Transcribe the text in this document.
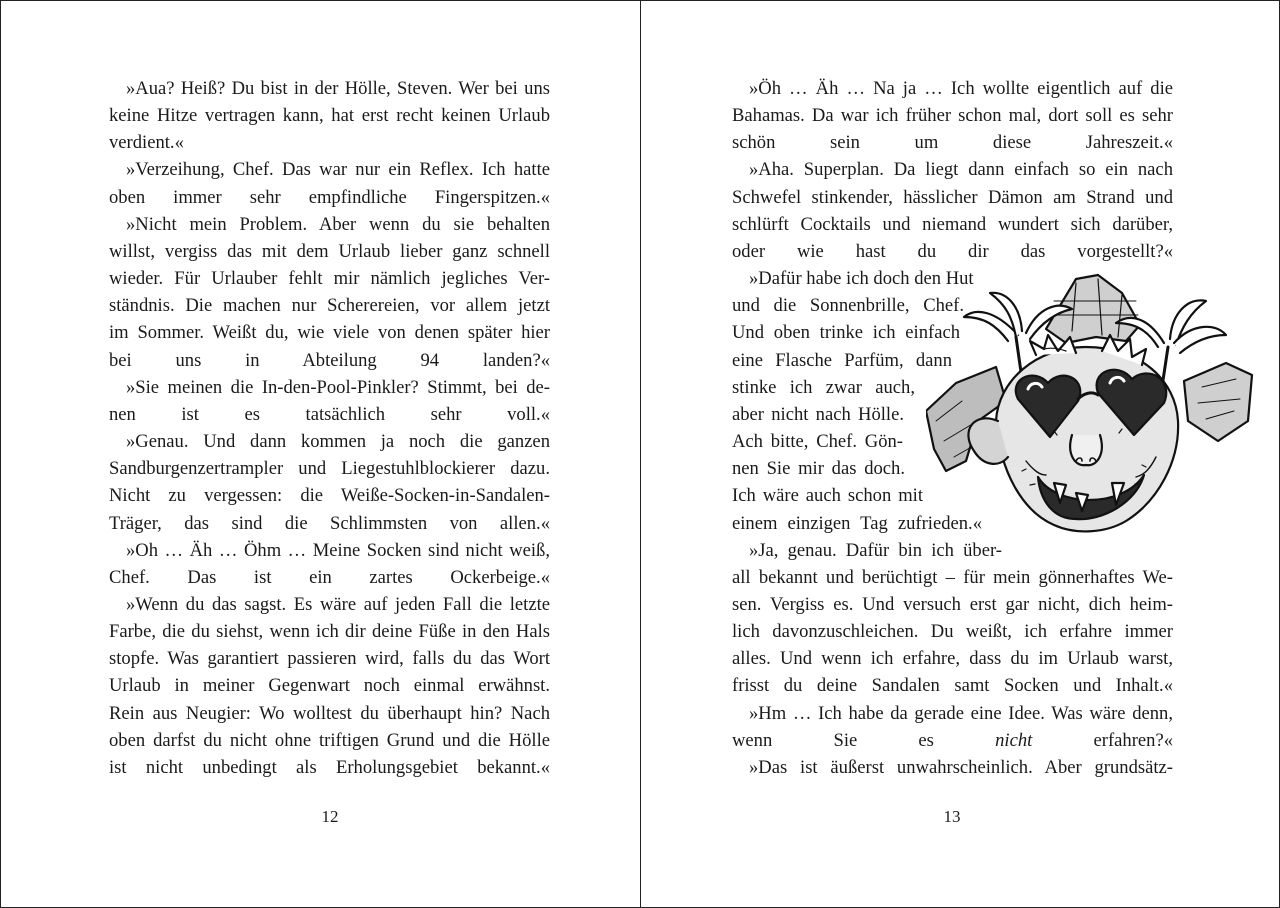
»Aua? Heiß? Du bist in der Hölle, Steven. Wer bei uns
keine Hitze vertragen kann, hat erst recht keinen Urlaub
verdient.«

»Verzeihung, Chef. Das war nur ein Reflex. Ich hatte
oben immer sehr empfindliche Fingerspitzen.«

»Nicht mein Problem. Aber wenn du sie behalten
willst, vergiss das mit dem Urlaub lieber ganz schnell
wieder. Für Urlauber fehlt mir nämlich jegliches Ver-
ständnis. Die machen nur Scherereien, vor allem jetzt
im Sommer. Weißt du, wie viele von denen später hier
bei uns in Abteilung 94 landen?«

»Sie meinen die In-den-Pool-Pinkler? Stimmt, bei de-
nen ist es tatsächlich sehr voll.«

»Genau. Und dann kommen ja noch die ganzen
Sandburgenzertrampler und Liegestuhlblockierer dazu.
Nicht zu vergessen: die Weiße-Socken-in-Sandalen-
Träger, das sind die Schlimmsten von allen.«

»Oh … Äh … Öhm … Meine Socken sind nicht weiß,
Chef. Das ist ein zartes Ockerbeige.«

»Wenn du das sagst. Es wäre auf jeden Fall die letzte
Farbe, die du siehst, wenn ich dir deine Füße in den Hals
stopfe. Was garantiert passieren wird, falls du das Wort
Urlaub in meiner Gegenwart noch einmal erwähnst.
Rein aus Neugier: Wo wolltest du überhaupt hin? Nach
oben darfst du nicht ohne triftigen Grund und die Hölle
ist nicht unbedingt als Erholungsgebiet bekannt.«

12

»Öh … Äh … Na ja … Ich wollte eigentlich auf die
Bahamas. Da war ich früher schon mal, dort soll es sehr
schön sein um diese Jahreszeit.«

»Aha. Superplan. Da liegt dann einfach so ein nach
Schwefel stinkender, hässlicher Dämon am Strand und
schlürft Cocktails und niemand wundert sich darüber,
oder wie hast du dir das vorgestellt?«

»Dafür habe ich doch den Hut
und die Sonnenbrille, Chef.
Und oben trinke ich einfach
eine Flasche Parfüm, dann
stinke ich zwar auch,
aber nicht nach Hölle.
Ach bitte, Chef. Gön-
nen Sie mir das doch.
Ich wäre auch schon mit
einem einzigen Tag zufrieden.«

»Ja, genau. Dafür bin ich über-
all bekannt und berüchtigt – für mein gönnerhaftes We-
sen. Vergiss es. Und versuch erst gar nicht, dich heim-
lich davonzuschleichen. Du weißt, ich erfahre immer
alles. Und wenn ich erfahre, dass du im Urlaub warst,
frisst du deine Sandalen samt Socken und Inhalt.«

»Hm … Ich habe da gerade eine Idee. Was wäre denn,
wenn Sie es nicht erfahren?«

»Das ist äußerst unwahrscheinlich. Aber grundsätz-

13
